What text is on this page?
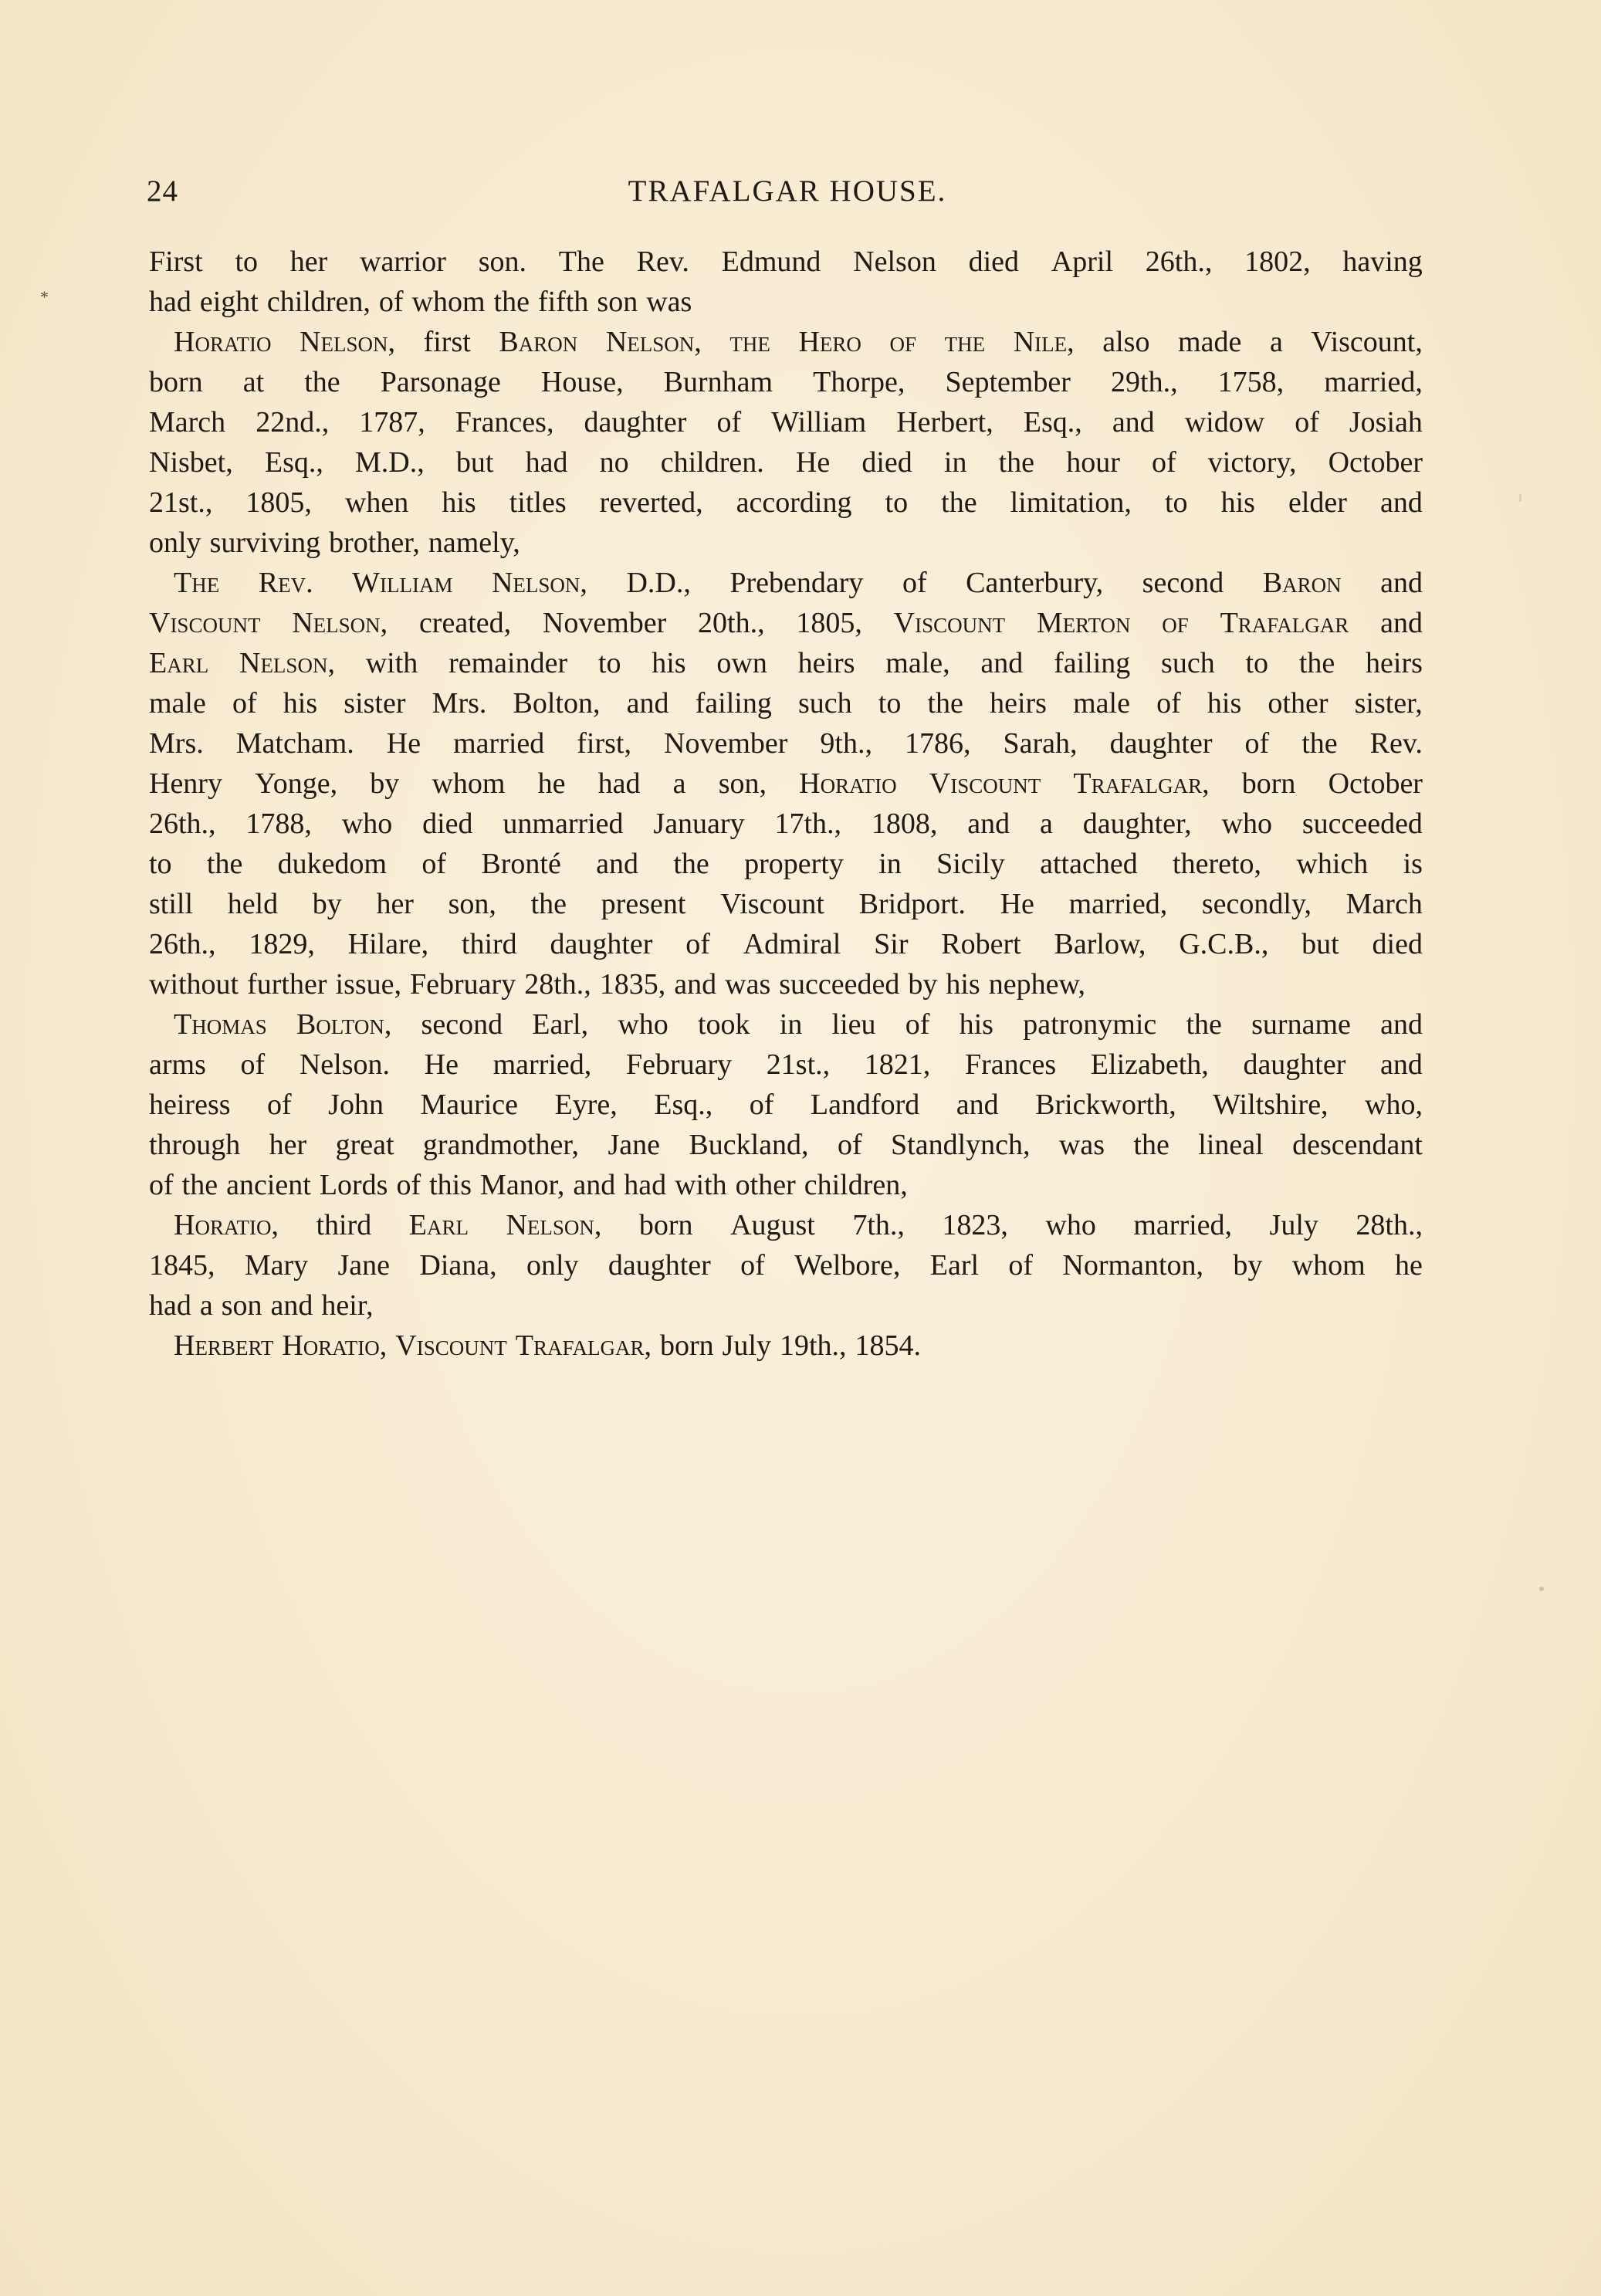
24	TRAFALGAR HOUSE.
*
First to her warrior son. The Rev. Edmund Nelson died April 26th., 1802, having
had eight children, of whom the fifth son was
Horatio Nelson, first Baron Nelson, the Hero of the Nile, also made a Viscount,
born at the Parsonage House, Burnham Thorpe, September 29th., 1758, married,
March 22nd., 1787, Frances, daughter of William Herbert, Esq., and widow of Josiah
Nisbet, Esq., M.D., but had no children. He died in the hour of victory, October
21st., 1805, when his titles reverted, according to the limitation, to his elder and
only surviving brother, namely,
The Rev. William Nelson, D.D., Prebendary of Canterbury, second Baron and
Viscount Nelson, created, November 20th., 1805, Viscount Merton of Trafalgar and
Earl Nelson, with remainder to his own heirs male, and failing such to the heirs
male of his sister Mrs. Bolton, and failing such to the heirs male of his other sister,
Mrs. Matcham. He married first, November 9th., 1786, Sarah, daughter of the Rev.
Henry Yonge, by whom he had a son, Horatio Viscount Trafalgar, born October
26th., 1788, who died unmarried January 17th., 1808, and a daughter, who succeeded
to the dukedom of Bronté and the property in Sicily attached thereto, which is
still held by her son, the present Viscount Bridport. He married, secondly, March
26th., 1829, Hilare, third daughter of Admiral Sir Robert Barlow, G.C.B., but died
without further issue, February 28th., 1835, and was succeeded by his nephew,
Thomas Bolton, second Earl, who took in lieu of his patronymic the surname and
arms of Nelson. He married, February 21st., 1821, Frances Elizabeth, daughter and
heiress of John Maurice Eyre, Esq., of Landford and Brickworth, Wiltshire, who,
through her great grandmother, Jane Buckland, of Standlynch, was the lineal descendant
of the ancient Lords of this Manor, and had with other children,
Horatio, third Earl Nelson, born August 7th., 1823, who married, July 28th.,
1845, Mary Jane Diana, only daughter of Welbore, Earl of Normanton, by whom he
had a son and heir,
Herbert Horatio, Viscount Trafalgar, born July 19th., 1854.
